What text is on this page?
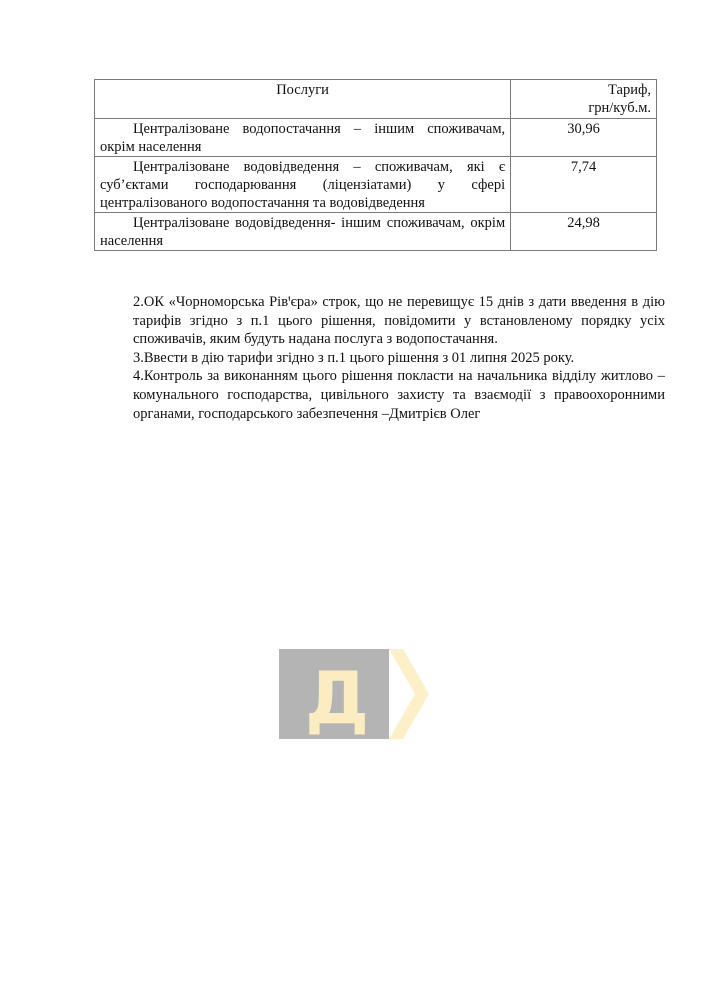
Послуги	Тариф,
грн/куб.м.

Централізоване водопостачання – іншим споживачам, окрім населення	30,96
Централізоване водовідведення – споживачам, які є суб’єктами господарювання (ліцензіатами) у сфері централізованого водопостачання та водовідведення	7,74
Централізоване водовідведення- іншим споживачам, окрім населення	24,98

2.ОК «Чорноморська Рівꞌєра» строк, що не перевищує 15 днів з дати введення в дію тарифів згідно з п.1 цього рішення, повідомити у встановленому порядку усіх споживачів, яким будуть надана послуга з водопостачання.

3.Ввести в дію тарифи згідно з п.1 цього рішення з 01 липня 2025 року.

4.Контроль за виконанням цього рішення покласти на начальника відділу житлово – комунального господарства, цивільного захисту та взаємодії з правоохоронними органами, господарського забезпечення –Дмитрієв Олег

Д
